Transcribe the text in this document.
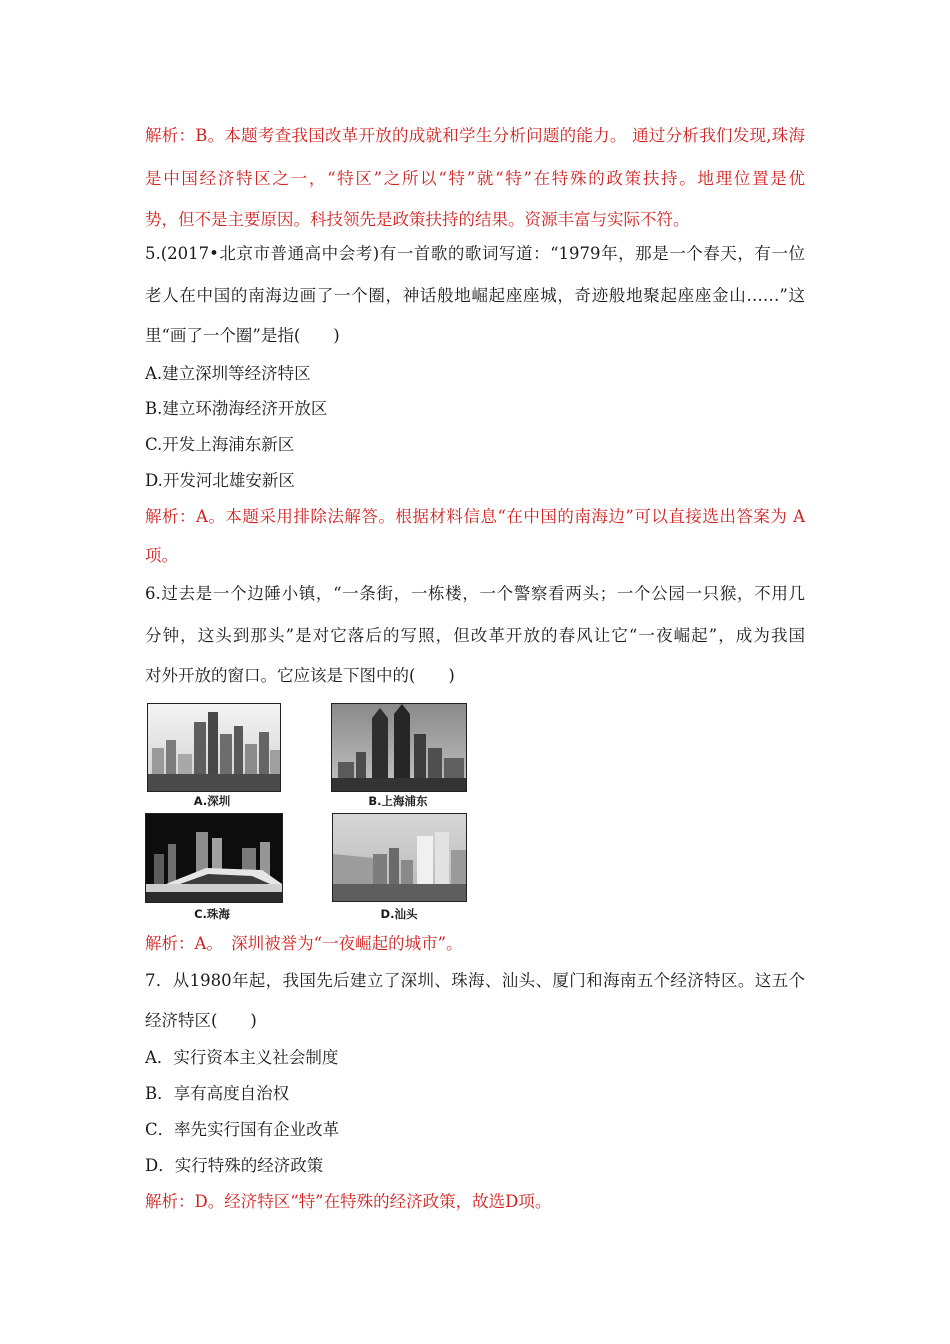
解析：B。本题考查我国改革开放的成就和学生分析问题的能力。 通过分析我们发现,珠海
是中国经济特区之一，“特区”之所以“特”就“特”在特殊的政策扶持。地理位置是优
势，但不是主要原因。科技领先是政策扶持的结果。资源丰富与实际不符。
5.(2017•北京市普通高中会考)有一首歌的歌词写道：“1979年，那是一个春天，有一位
老人在中国的南海边画了一个圈，神话般地崛起座座城，奇迹般地聚起座座金山……”这
里“画了一个圈”是指(　　)
A.建立深圳等经济特区
B.建立环渤海经济开放区
C.开发上海浦东新区
D.开发河北雄安新区
解析：A。本题采用排除法解答。根据材料信息“在中国的南海边”可以直接选出答案为 A
项。
6.过去是一个边陲小镇，“一条街，一栋楼，一个警察看两头；一个公园一只猴，不用几
分钟，这头到那头”是对它落后的写照，但改革开放的春风让它“一夜崛起”，成为我国
对外开放的窗口。它应该是下图中的(　　)
A.深圳	B.上海浦东
C.珠海	D.汕头
解析：A。　深圳被誉为“一夜崛起的城市”。
7．从1980年起，我国先后建立了深圳、珠海、汕头、厦门和海南五个经济特区。这五个
经济特区(　　)
A．实行资本主义社会制度
B．享有高度自治权
C．率先实行国有企业改革
D．实行特殊的经济政策
解析：D。经济特区“特”在特殊的经济政策，故选D项。
